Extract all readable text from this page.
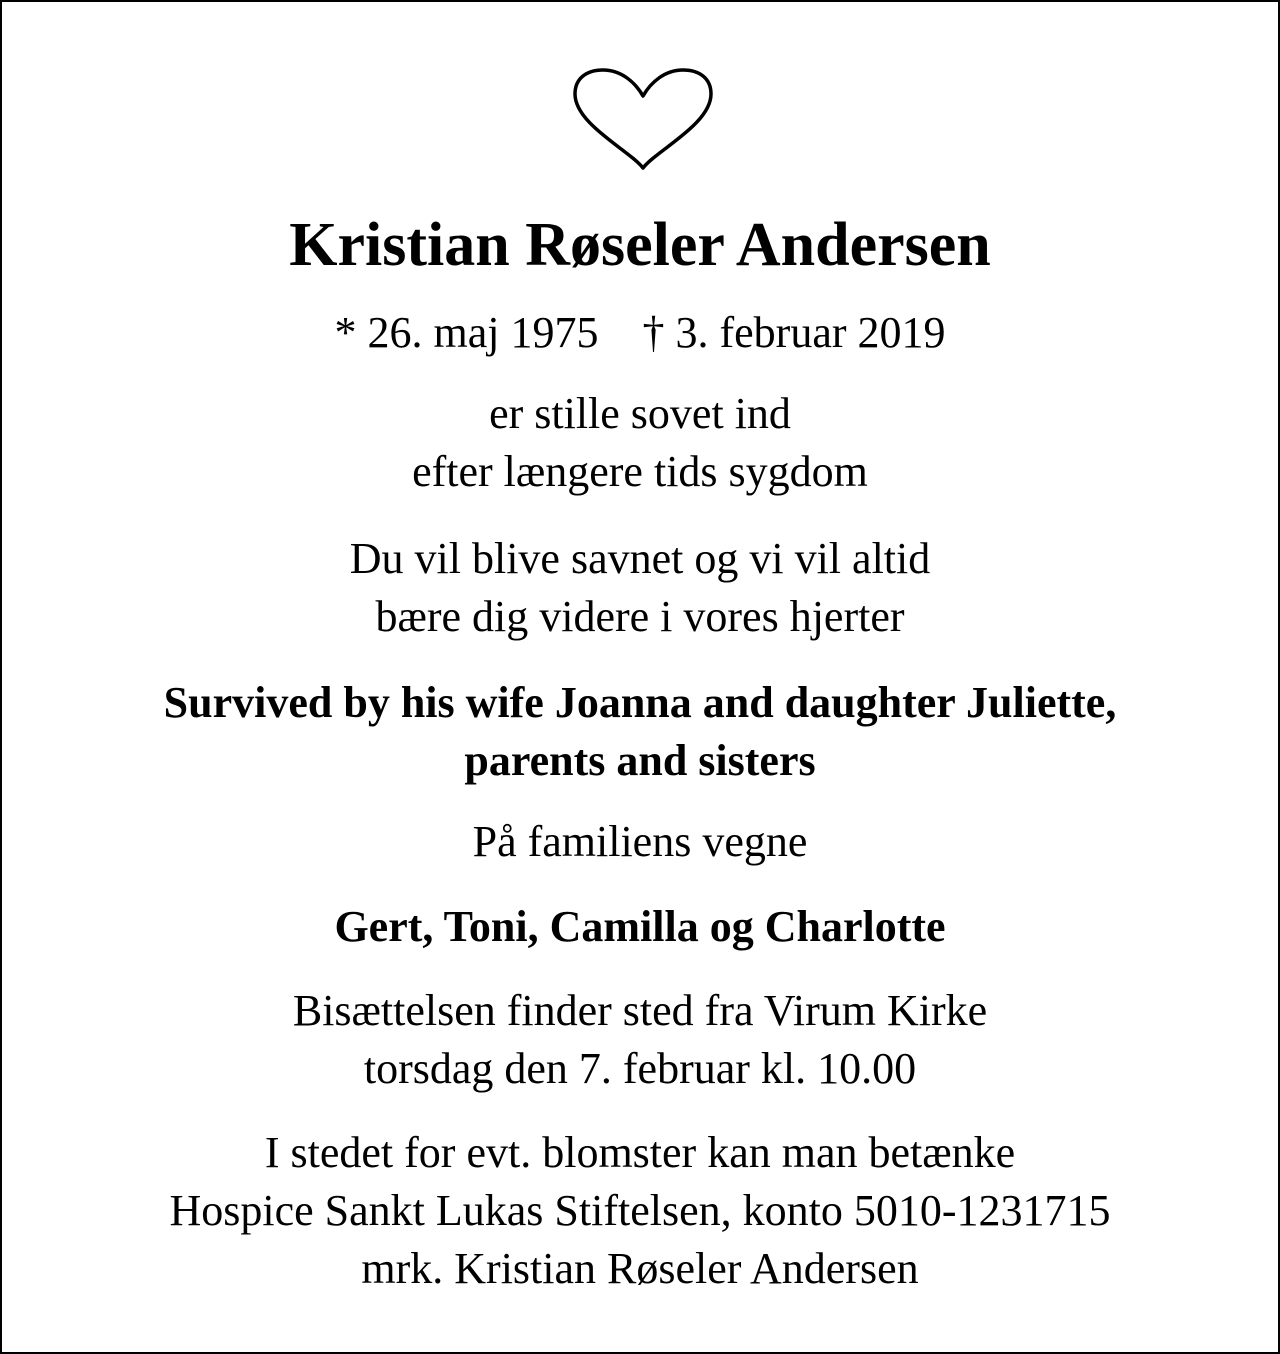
Kristian Røseler Andersen
* 26. maj 1975 † 3. februar 2019
er stille sovet ind
efter længere tids sygdom
Du vil blive savnet og vi vil altid
bære dig videre i vores hjerter
Survived by his wife Joanna and daughter Juliette,
parents and sisters
På familiens vegne
Gert, Toni, Camilla og Charlotte
Bisættelsen finder sted fra Virum Kirke
torsdag den 7. februar kl. 10.00
I stedet for evt. blomster kan man betænke
Hospice Sankt Lukas Stiftelsen, konto 5010-1231715
mrk. Kristian Røseler Andersen
